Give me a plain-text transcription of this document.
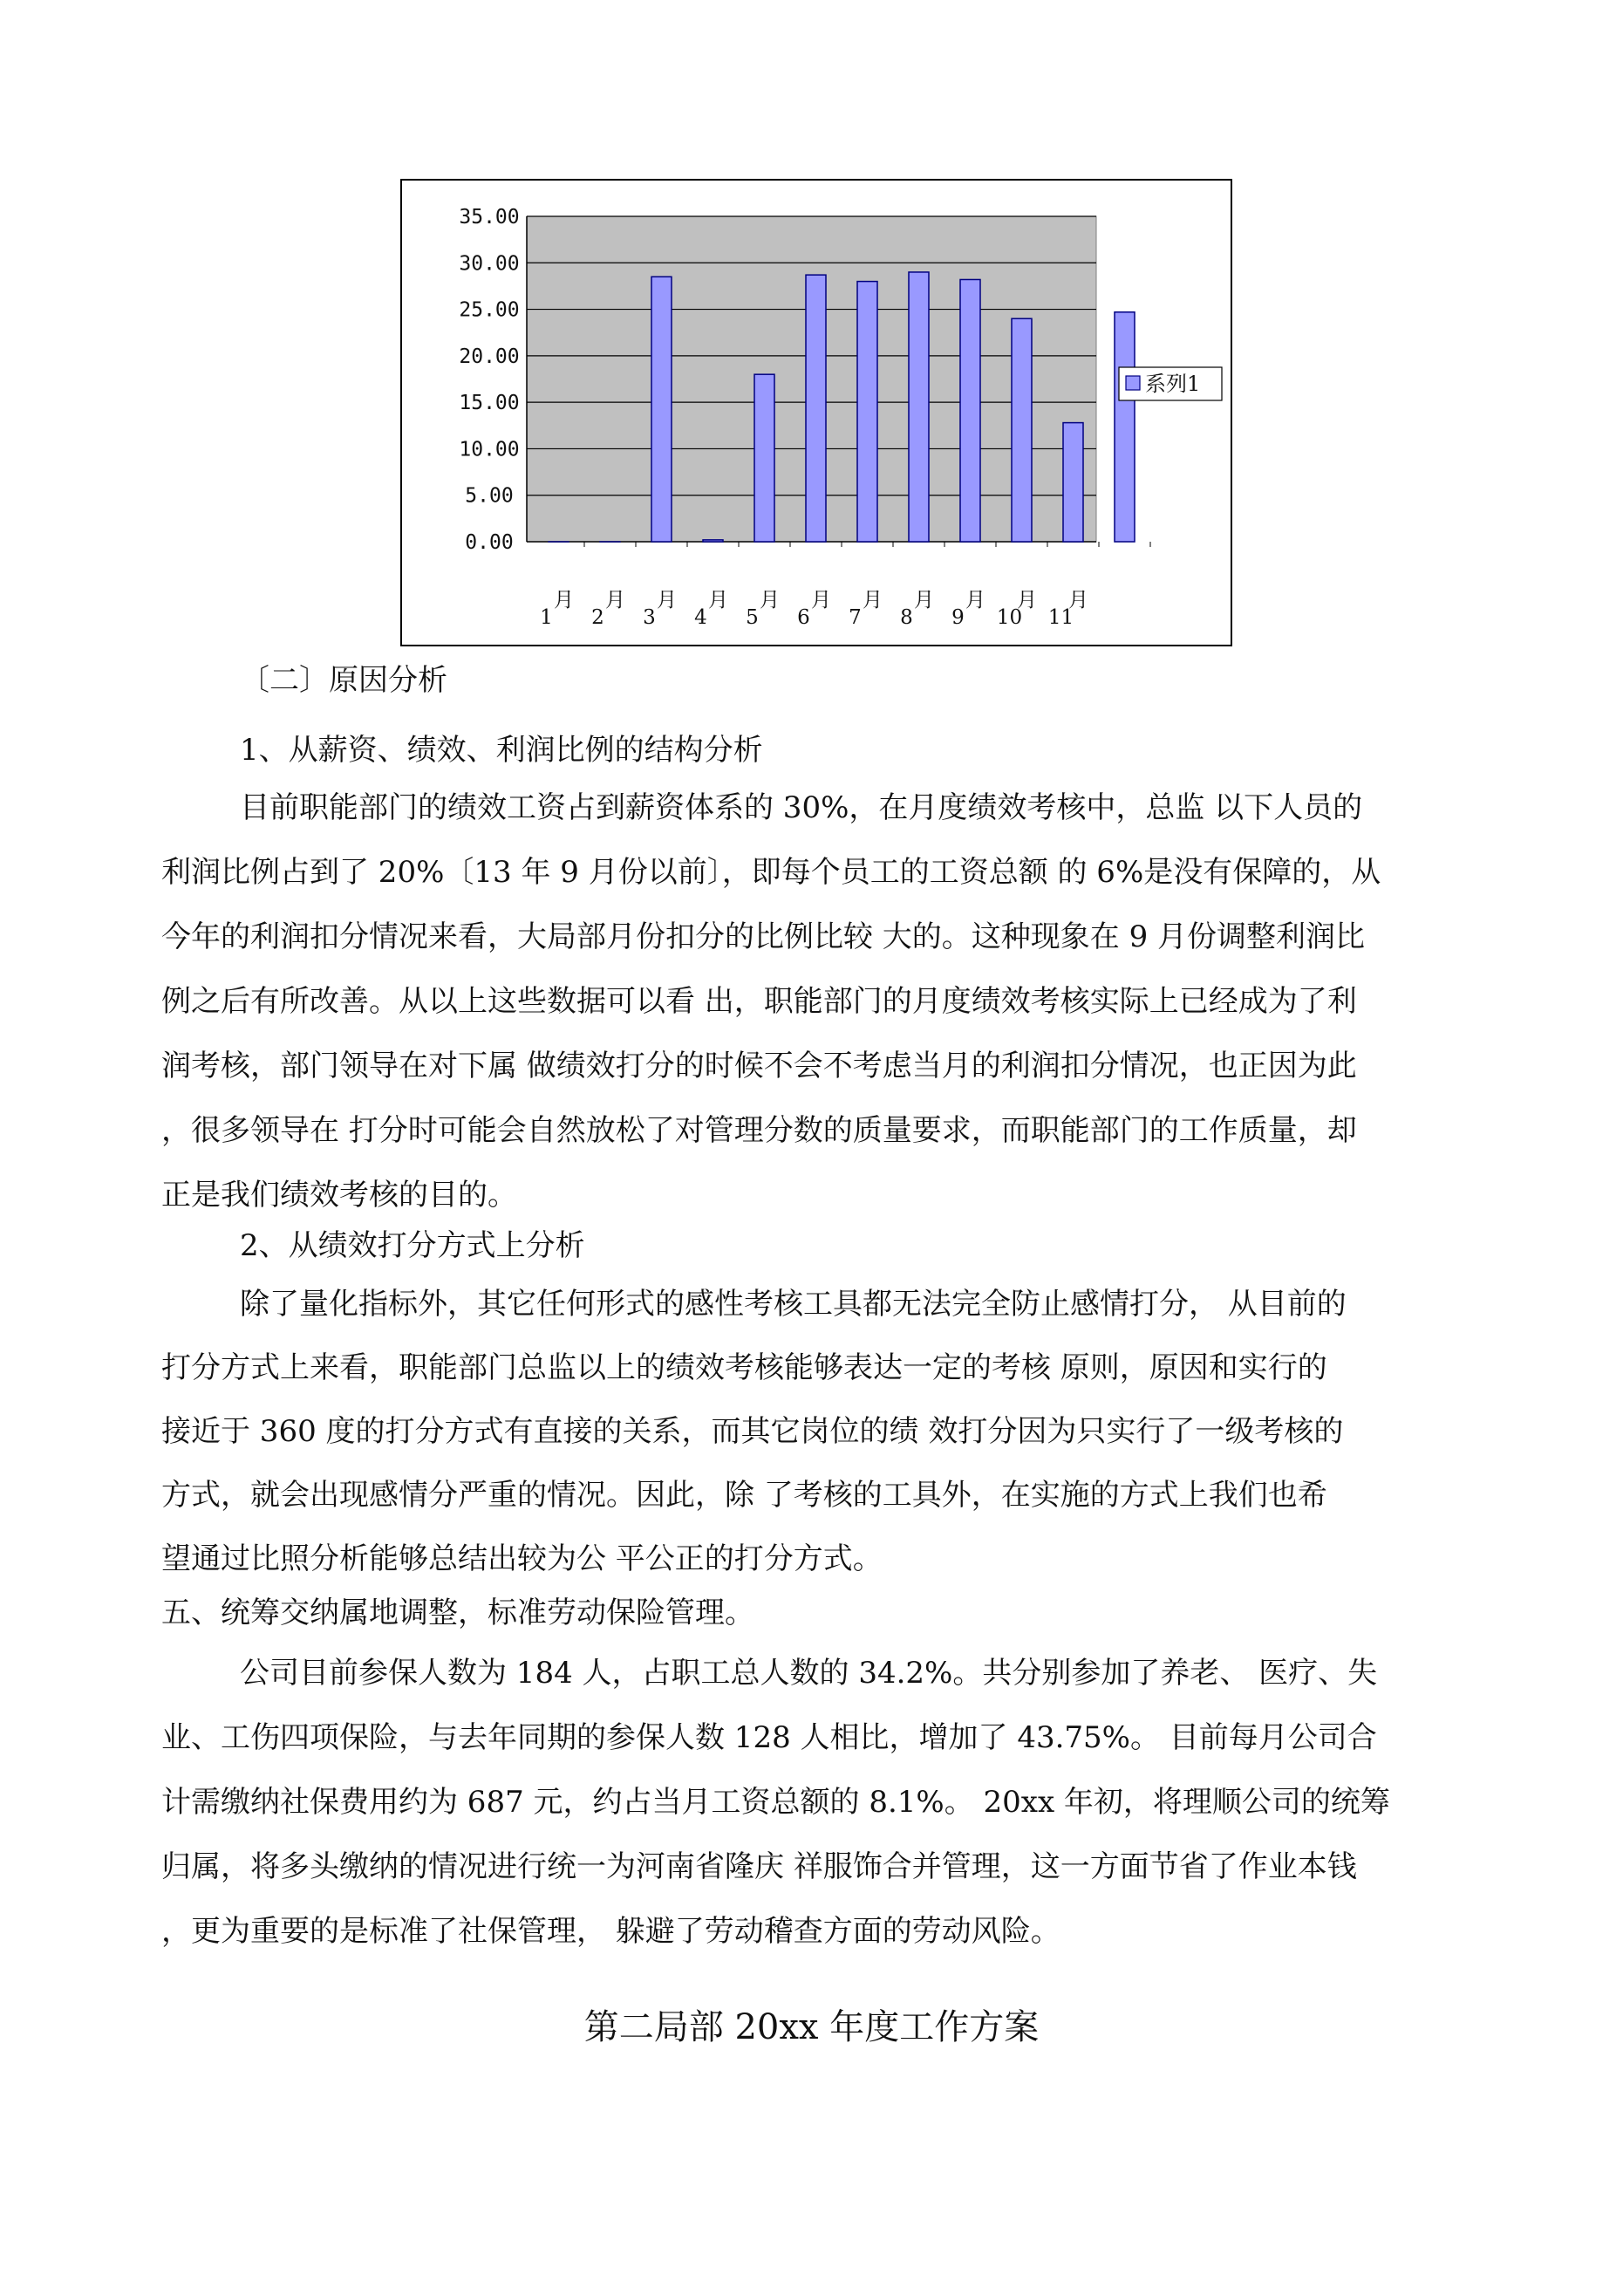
0.00
5.00
10.00
15.00
20.00
25.00
30.00
35.00
1
月
2
月
3
月
4
月
5
月
6
月
7
月
8
月
9
月
10
月
11
月
系列1
〔二〕原因分析
1、从薪资、绩效、利润比例的结构分析
目前职能部门的绩效工资占到薪资体系的 30%，在月度绩效考核中，总监 以下人员的
利润比例占到了 20%〔13 年 9 月份以前〕，即每个员工的工资总额 的 6%是没有保障的，从
今年的利润扣分情况来看，大局部月份扣分的比例比较 大的。这种现象在 9 月份调整利润比
例之后有所改善。从以上这些数据可以看 出，职能部门的月度绩效考核实际上已经成为了利
润考核，部门领导在对下属 做绩效打分的时候不会不考虑当月的利润扣分情况，也正因为此
，很多领导在 打分时可能会自然放松了对管理分数的质量要求，而职能部门的工作质量，却
正是我们绩效考核的目的。
2、从绩效打分方式上分析
除了量化指标外，其它任何形式的感性考核工具都无法完全防止感情打分， 从目前的
打分方式上来看，职能部门总监以上的绩效考核能够表达一定的考核 原则，原因和实行的
接近于 360 度的打分方式有直接的关系，而其它岗位的绩 效打分因为只实行了一级考核的
方式，就会出现感情分严重的情况。因此，除 了考核的工具外，在实施的方式上我们也希
望通过比照分析能够总结出较为公 平公正的打分方式。
五、统筹交纳属地调整，标准劳动保险管理。
公司目前参保人数为 184 人，占职工总人数的 34.2%。共分别参加了养老、 医疗、失
业、工伤四项保险，与去年同期的参保人数 128 人相比，增加了 43.75%。 目前每月公司合
计需缴纳社保费用约为 687 元，约占当月工资总额的 8.1%。 20xx 年初，将理顺公司的统筹
归属，将多头缴纳的情况进行统一为河南省隆庆 祥服饰合并管理，这一方面节省了作业本钱
，更为重要的是标准了社保管理， 躲避了劳动稽查方面的劳动风险。
第二局部 20xx 年度工作方案
